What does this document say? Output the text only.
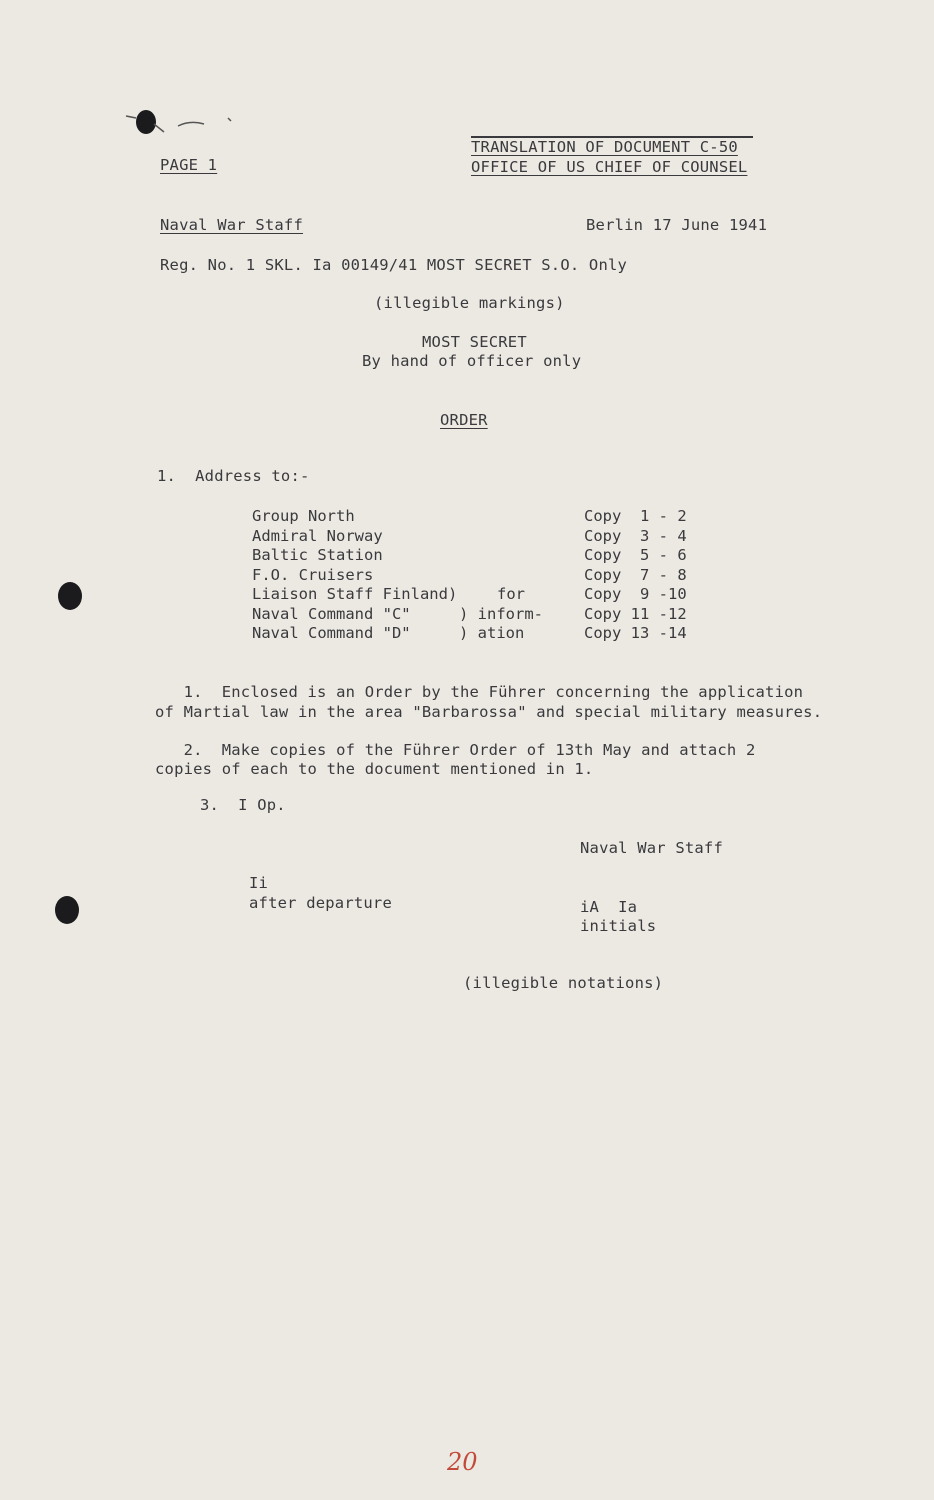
PAGE 1
TRANSLATION OF DOCUMENT C-50
OFFICE OF US CHIEF OF COUNSEL
Naval War Staff	Berlin 17 June 1941
Reg. No. 1 SKL. Ia 00149/41 MOST SECRET S.O. Only
(illegible markings)
MOST SECRET
By hand of officer only
ORDER
1.  Address to:-
Group North	Copy  1 - 2
Admiral Norway	Copy  3 - 4
Baltic Station	Copy  5 - 6
F.O. Cruisers	Copy  7 - 8
Liaison Staff Finland)	for	Copy  9 -10
Naval Command "C"	) inform-	Copy 11 -12
Naval Command "D"	) ation	Copy 13 -14
1.  Enclosed is an Order by the Führer concerning the application
of Martial law in the area "Barbarossa" and special military measures.
2.  Make copies of the Führer Order of 13th May and attach 2
copies of each to the document mentioned in 1.
3.  I Op.
Naval War Staff
Ii
after departure	iA  Ia
initials
(illegible notations)
20
